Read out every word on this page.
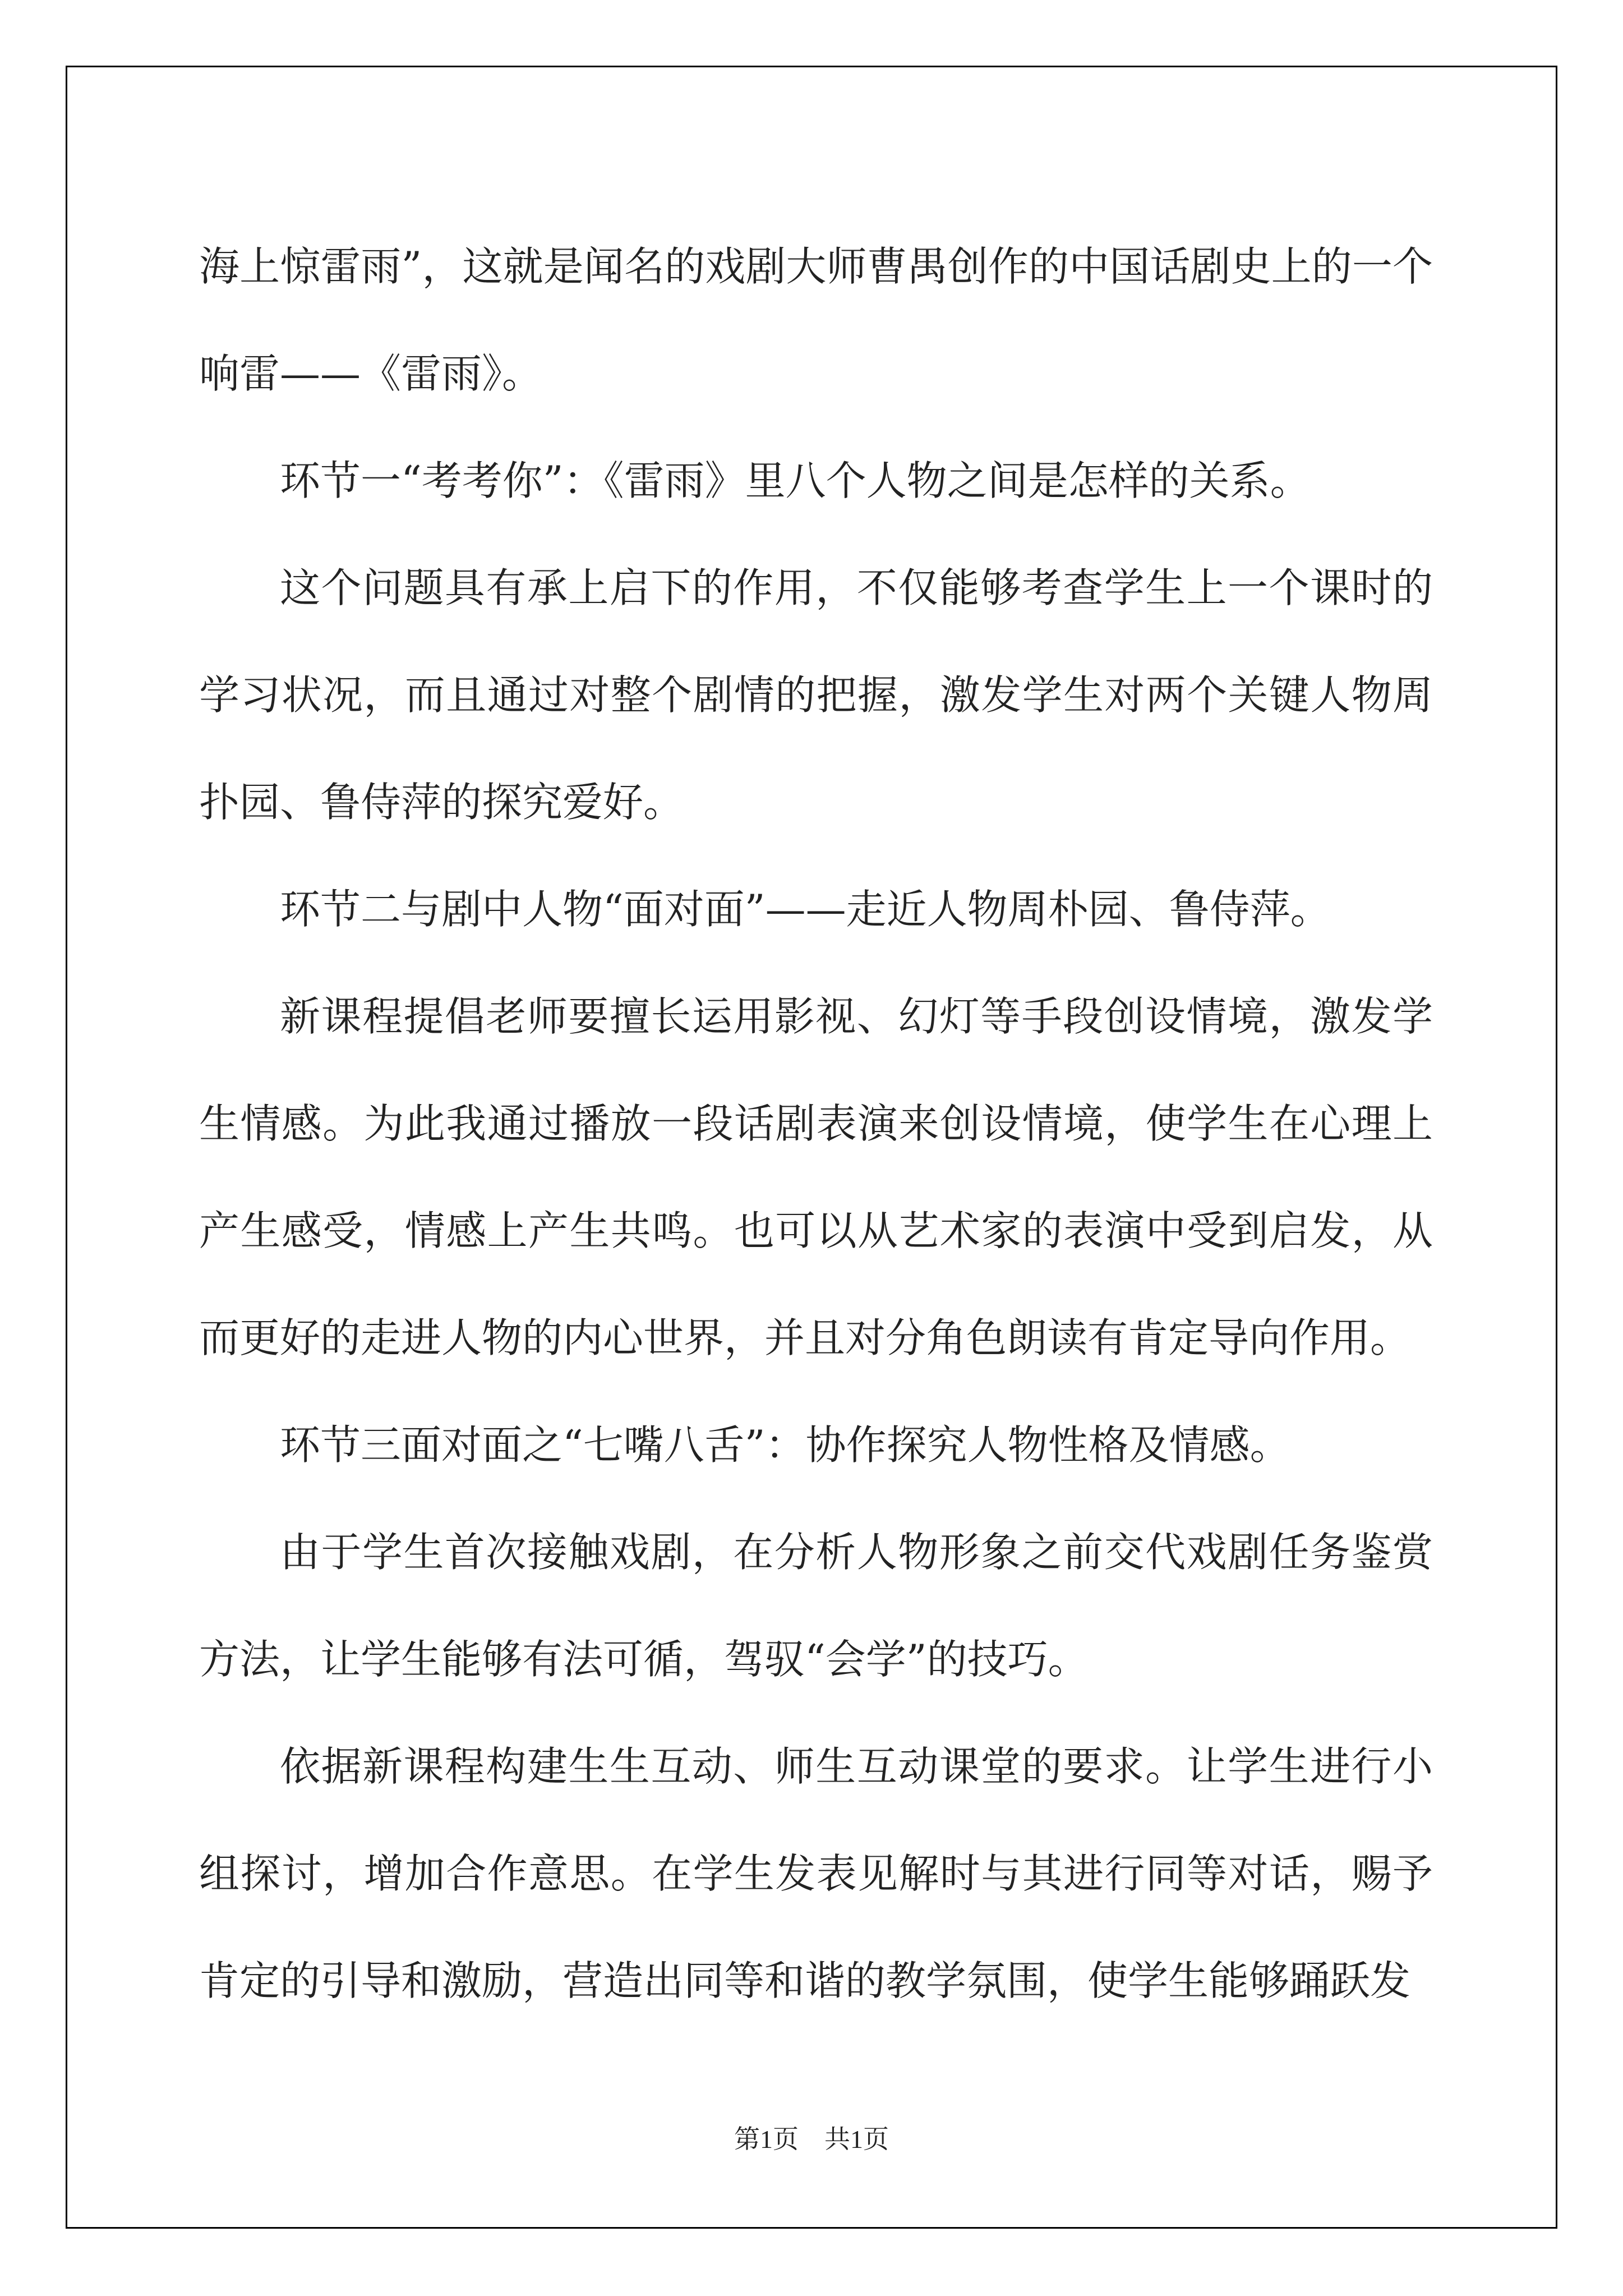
海上惊雷雨”，这就是闻名的戏剧大师曹禺创作的中国话剧史上的一个响雷——《雷雨》。

环节一“考考你”：《雷雨》里八个人物之间是怎样的关系。

这个问题具有承上启下的作用，不仅能够考查学生上一个课时的学习状况，而且通过对整个剧情的把握，激发学生对两个关键人物周扑园、鲁侍萍的探究爱好。

环节二与剧中人物“面对面”——走近人物周朴园、鲁侍萍。

新课程提倡老师要擅长运用影视、幻灯等手段创设情境，激发学生情感。为此我通过播放一段话剧表演来创设情境，使学生在心理上产生感受，情感上产生共鸣。也可以从艺术家的表演中受到启发，从而更好的走进人物的内心世界，并且对分角色朗读有肯定导向作用。

环节三面对面之“七嘴八舌”：协作探究人物性格及情感。

由于学生首次接触戏剧，在分析人物形象之前交代戏剧任务鉴赏方法，让学生能够有法可循，驾驭“会学”的技巧。

依据新课程构建生生互动、师生互动课堂的要求。让学生进行小组探讨，增加合作意思。在学生发表见解时与其进行同等对话，赐予肯定的引导和激励，营造出同等和谐的教学氛围，使学生能够踊跃发

第1页 共1页
